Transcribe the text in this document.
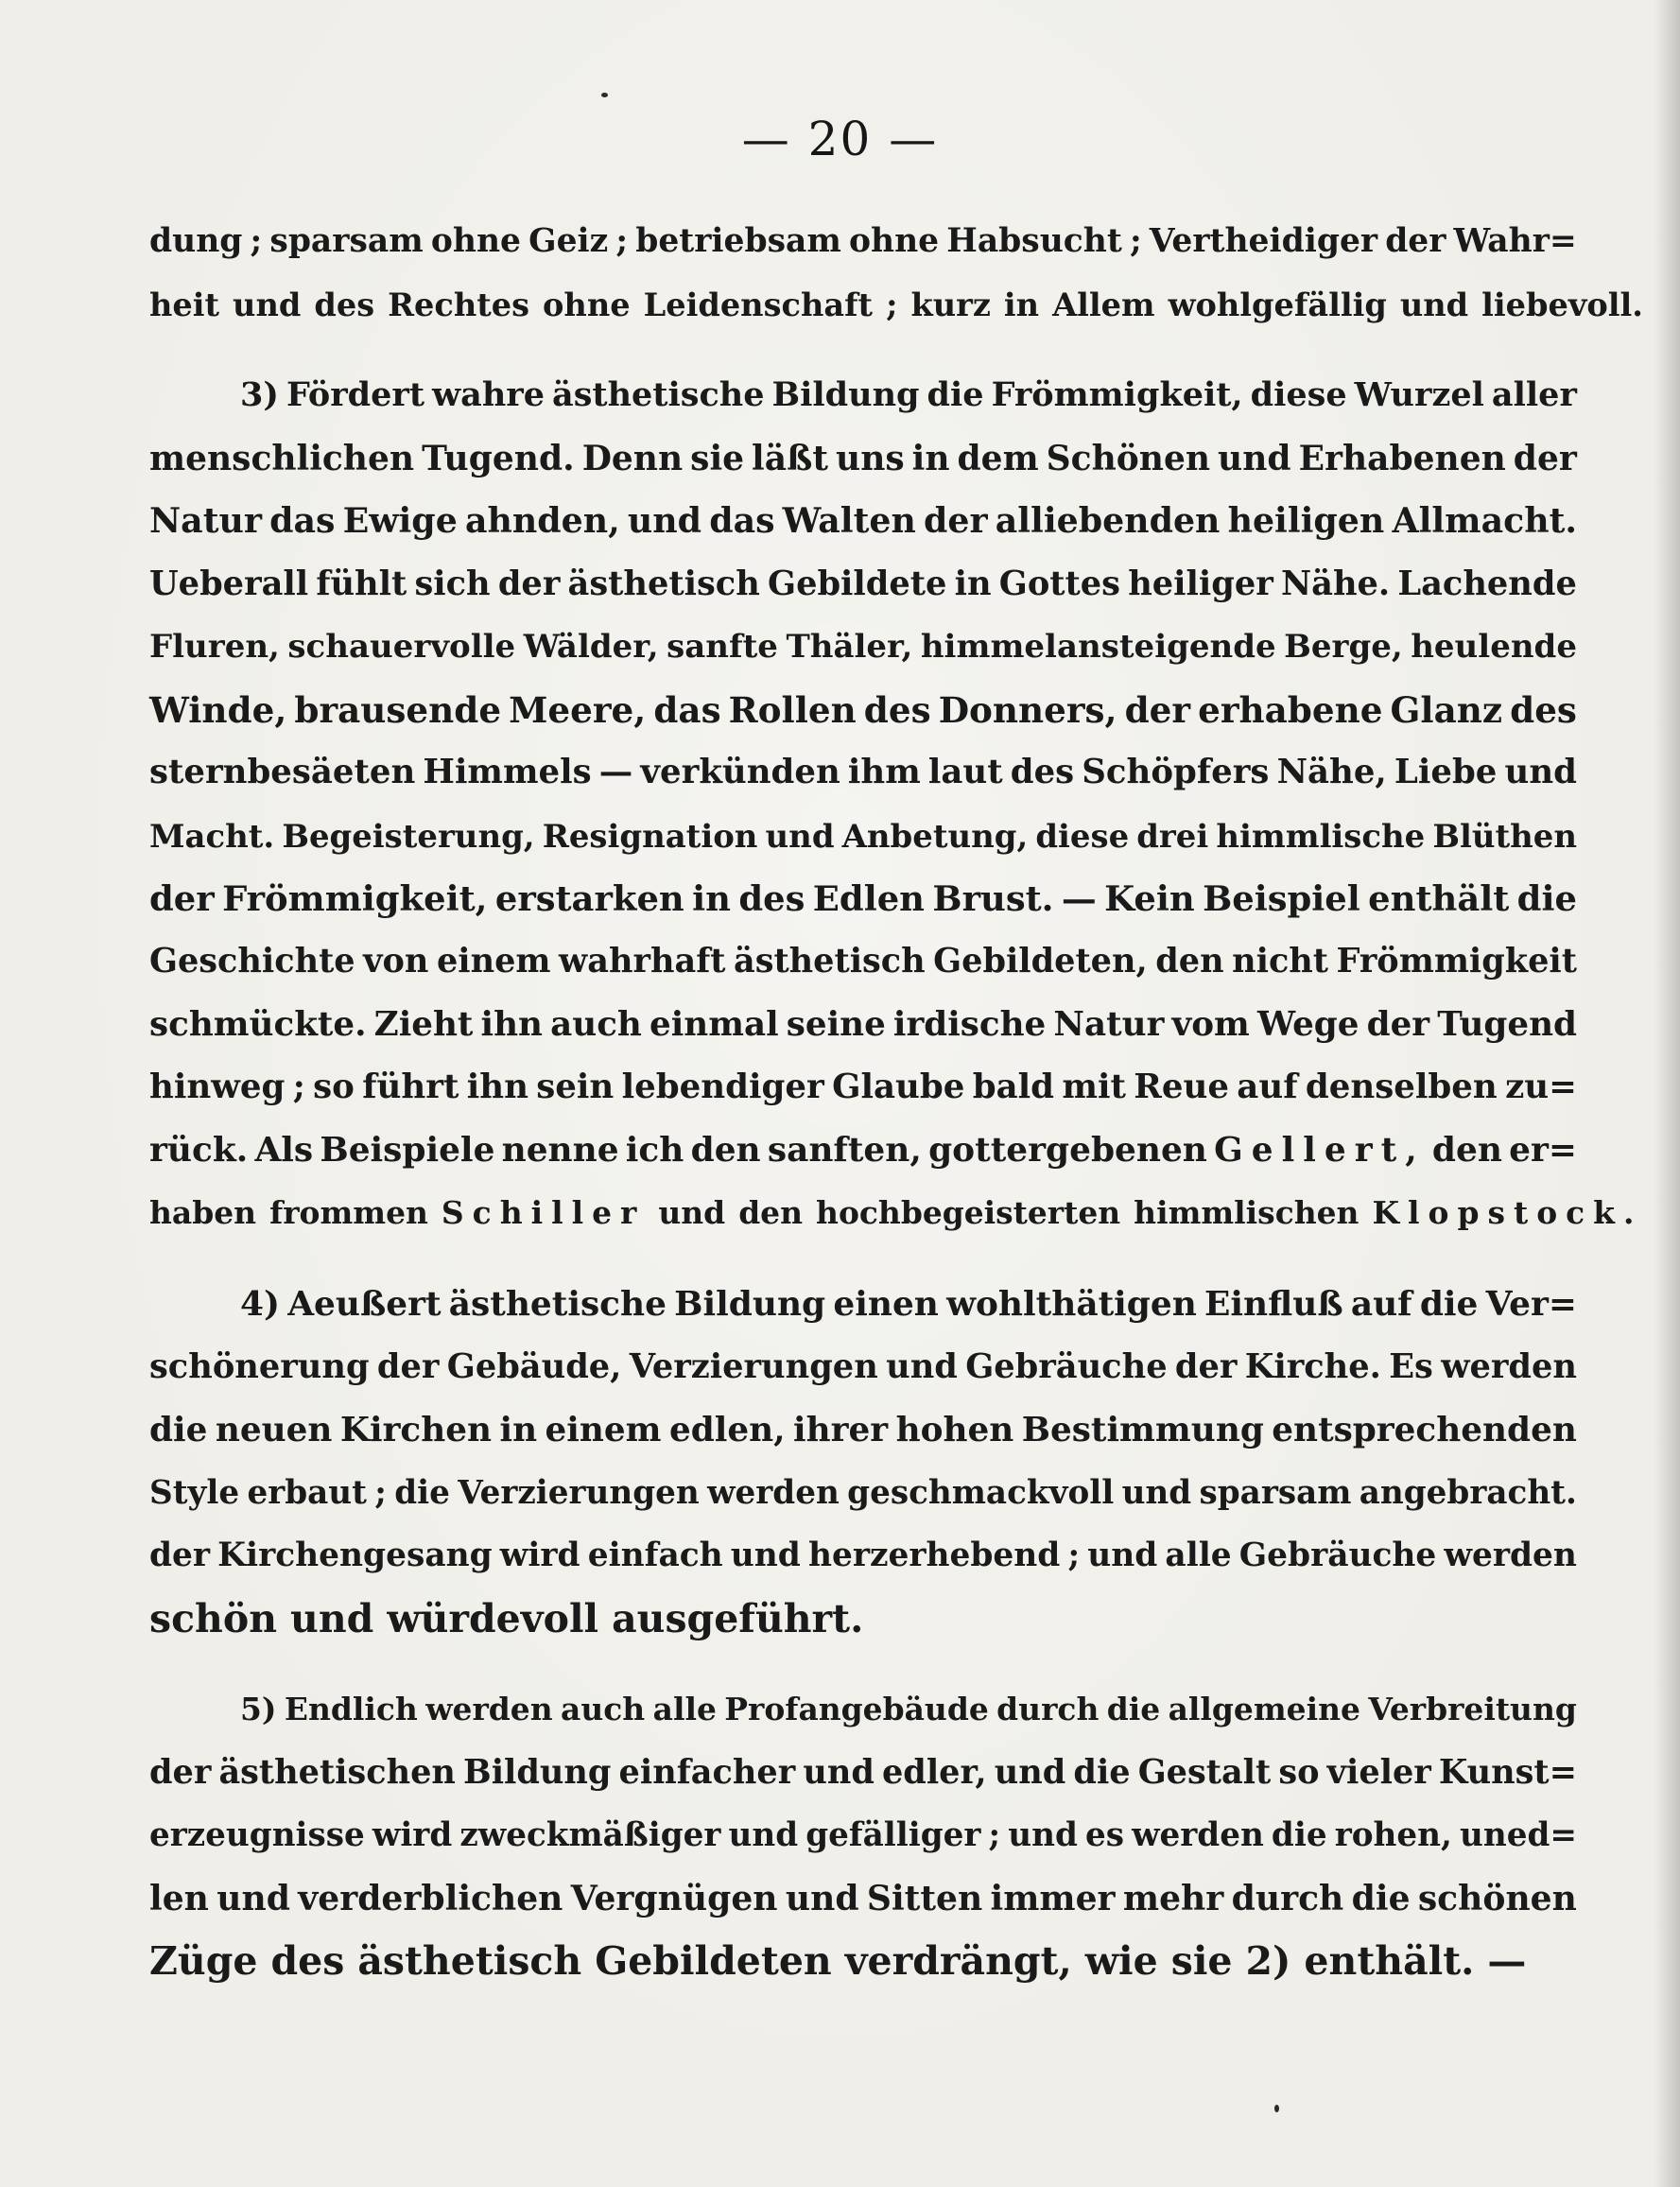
— 20 —
dung ; sparsam ohne Geiz ; betriebsam ohne Habsucht ; Vertheidiger der Wahr=
heit und des Rechtes ohne Leidenschaft ; kurz in Allem wohlgefällig und liebevoll.
3) Fördert wahre ästhetische Bildung die Frömmigkeit, diese Wurzel aller
menschlichen Tugend. Denn sie läßt uns in dem Schönen und Erhabenen der
Natur das Ewige ahnden, und das Walten der alliebenden heiligen Allmacht.
Ueberall fühlt sich der ästhetisch Gebildete in Gottes heiliger Nähe. Lachende
Fluren, schauervolle Wälder, sanfte Thäler, himmelansteigende Berge, heulende
Winde, brausende Meere, das Rollen des Donners, der erhabene Glanz des
sternbesäeten Himmels — verkünden ihm laut des Schöpfers Nähe, Liebe und
Macht. Begeisterung, Resignation und Anbetung, diese drei himmlische Blüthen
der Frömmigkeit, erstarken in des Edlen Brust. — Kein Beispiel enthält die
Geschichte von einem wahrhaft ästhetisch Gebildeten, den nicht Frömmigkeit
schmückte. Zieht ihn auch einmal seine irdische Natur vom Wege der Tugend
hinweg ; so führt ihn sein lebendiger Glaube bald mit Reue auf denselben zu=
rück. Als Beispiele nenne ich den sanften, gottergebenen Gellert, den er=
haben frommen Schiller und den hochbegeisterten himmlischen Klopstock.
4) Aeußert ästhetische Bildung einen wohlthätigen Einfluß auf die Ver=
schönerung der Gebäude, Verzierungen und Gebräuche der Kirche. Es werden
die neuen Kirchen in einem edlen, ihrer hohen Bestimmung entsprechenden
Style erbaut ; die Verzierungen werden geschmackvoll und sparsam angebracht.
der Kirchengesang wird einfach und herzerhebend ; und alle Gebräuche werden
schön und würdevoll ausgeführt.
5) Endlich werden auch alle Profangebäude durch die allgemeine Verbreitung
der ästhetischen Bildung einfacher und edler, und die Gestalt so vieler Kunst=
erzeugnisse wird zweckmäßiger und gefälliger ; und es werden die rohen, uned=
len und verderblichen Vergnügen und Sitten immer mehr durch die schönen
Züge des ästhetisch Gebildeten verdrängt, wie sie 2) enthält. —
